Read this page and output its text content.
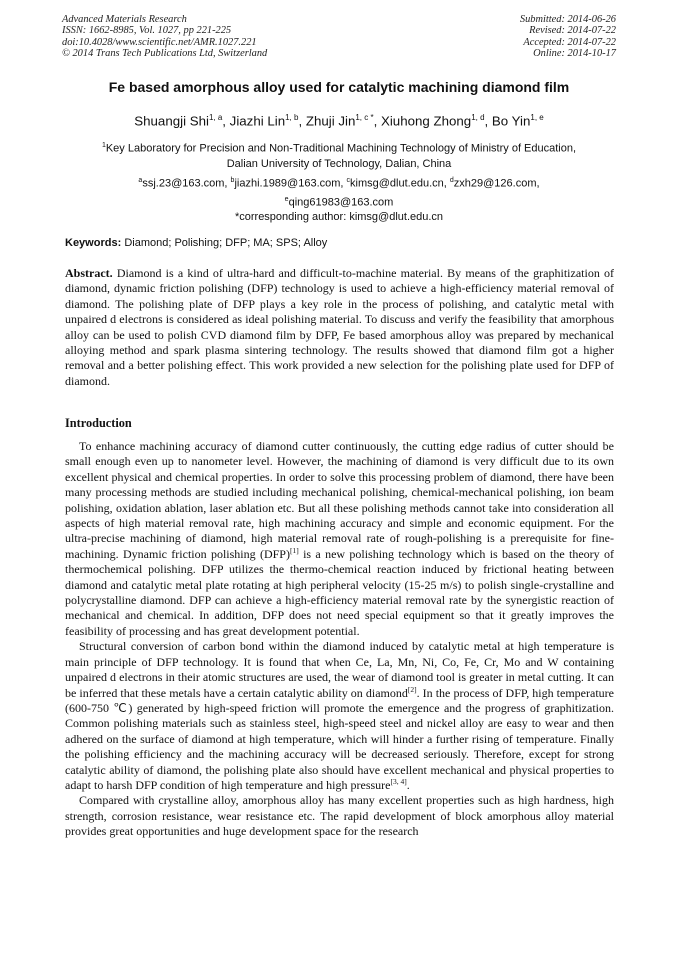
Advanced Materials Research
ISSN: 1662-8985, Vol. 1027, pp 221-225
doi:10.4028/www.scientific.net/AMR.1027.221
© 2014 Trans Tech Publications Ltd, Switzerland
Submitted: 2014-06-26
Revised: 2014-07-22
Accepted: 2014-07-22
Online: 2014-10-17
Fe based amorphous alloy used for catalytic machining diamond film
Shuangji Shi$^{1, a}$, Jiazhi Lin$^{1, b}$, Zhuji Jin$^{1, c *}$, Xiuhong Zhong$^{1, d}$, Bo Yin$^{1, e}$
$^1$Key Laboratory for Precision and Non-Traditional Machining Technology of Ministry of Education,
Dalian University of Technology, Dalian, China
$^a$ssj.23@163.com, $^b$jiazhi.1989@163.com, $^c$kimsg@dlut.edu.cn, $^d$zxh29@126.com,
$^e$qing61983@163.com
*corresponding author: kimsg@dlut.edu.cn
Keywords: Diamond; Polishing; DFP; MA; SPS; Alloy
Abstract. Diamond is a kind of ultra-hard and difficult-to-machine material. By means of the graphitization of diamond, dynamic friction polishing (DFP) technology is used to achieve a high-efficiency material removal of diamond. The polishing plate of DFP plays a key role in the process of polishing, and catalytic metal with unpaired d electrons is considered as ideal polishing material. To discuss and verify the feasibility that amorphous alloy can be used to polish CVD diamond film by DFP, Fe based amorphous alloy was prepared by mechanical alloying method and spark plasma sintering technology. The results showed that diamond film got a higher removal and a better polishing effect. This work provided a new selection for the polishing plate used for DFP of diamond.
Introduction

To enhance machining accuracy of diamond cutter continuously, the cutting edge radius of cutter should be small enough even up to nanometer level. However, the machining of diamond is very difficult due to its own excellent physical and chemical properties. In order to solve this processing problem of diamond, there have been many processing methods are studied including mechanical polishing, chemical-mechanical polishing, ion beam polishing, oxidation ablation, laser ablation etc. But all these polishing methods cannot take into consideration all aspects of high material removal rate, high machining accuracy and simple and economic equipment. For the ultra-precise machining of diamond, high material removal rate of rough-polishing is a prerequisite for fine-machining. Dynamic friction polishing (DFP)[1] is a new polishing technology which is based on the theory of thermochemical polishing. DFP utilizes the thermo-chemical reaction induced by frictional heating between diamond and catalytic metal plate rotating at high peripheral velocity (15-25 m/s) to polish single-crystalline and polycrystalline diamond. DFP can achieve a high-efficiency material removal rate by the synergistic reaction of mechanical and chemical. In addition, DFP does not need special equipment so that it greatly improves the feasibility of processing and has great development potential.

Structural conversion of carbon bond within the diamond induced by catalytic metal at high temperature is main principle of DFP technology. It is found that when Ce, La, Mn, Ni, Co, Fe, Cr, Mo and W containing unpaired d electrons in their atomic structures are used, the wear of diamond tool is greater in metal cutting. It can be inferred that these metals have a certain catalytic ability on diamond[2]. In the process of DFP, high temperature (600-750 ℃) generated by high-speed friction will promote the emergence and the progress of graphitization. Common polishing materials such as stainless steel, high-speed steel and nickel alloy are easy to wear and then adhered on the surface of diamond at high temperature, which will hinder a further rising of temperature. Finally the polishing efficiency and the machining accuracy will be decreased seriously. Therefore, except for strong catalytic ability of diamond, the polishing plate also should have excellent mechanical and physical properties to adapt to harsh DFP condition of high temperature and high pressure[3, 4].

Compared with crystalline alloy, amorphous alloy has many excellent properties such as high hardness, high strength, corrosion resistance, wear resistance etc. The rapid development of block amorphous alloy material provides great opportunities and huge development space for the research
